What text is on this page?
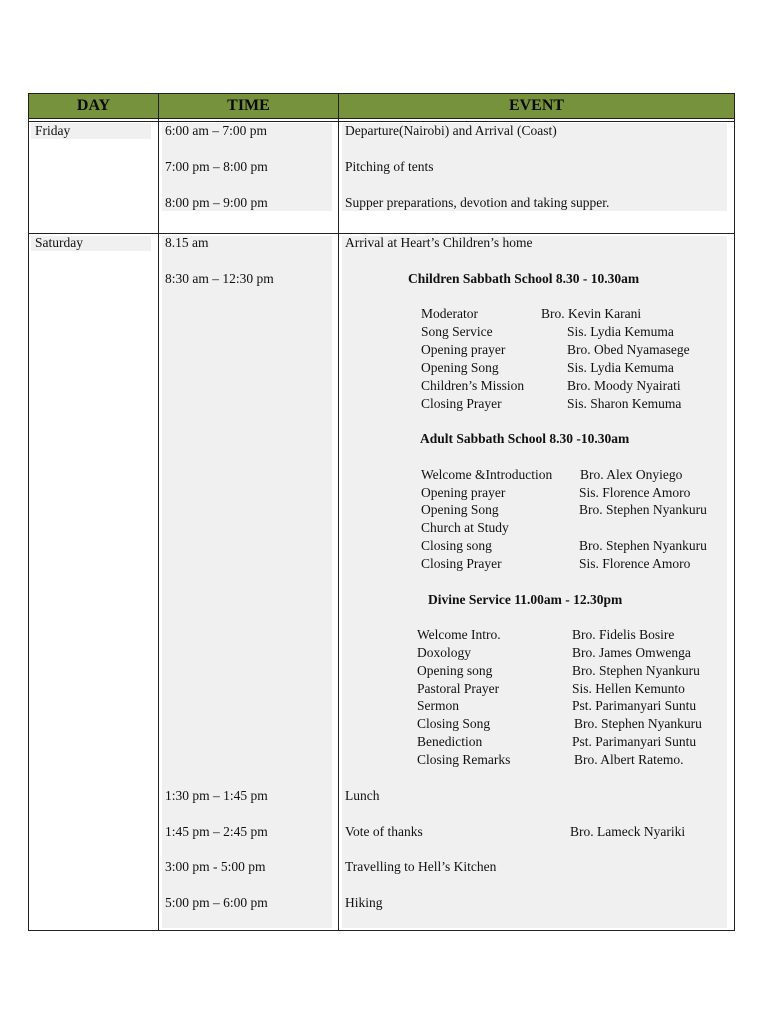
DAY	TIME	EVENT
Friday	6:00 am – 7:00 pm	Departure(Nairobi) and Arrival (Coast)
7:00 pm – 8:00 pm	Pitching of tents
8:00 pm – 9:00 pm	Supper preparations, devotion and taking supper.
Saturday	8.15 am	Arrival at Heart’s Children’s home
8:30 am – 12:30 pm	Children Sabbath School 8.30 - 10.30am
Moderator	Bro. Kevin Karani
Song Service	Sis. Lydia Kemuma
Opening prayer	Bro. Obed Nyamasege
Opening Song	Sis. Lydia Kemuma
Children’s Mission	Bro. Moody Nyairati
Closing Prayer	Sis. Sharon Kemuma
Adult Sabbath School 8.30 -10.30am
Welcome &Introduction Bro. Alex Onyiego
Opening prayer	Sis. Florence Amoro
Opening Song	Bro. Stephen Nyankuru
Church at Study
Closing song	Bro. Stephen Nyankuru
Closing Prayer	Sis. Florence Amoro
Divine Service 11.00am - 12.30pm
Welcome Intro.	Bro. Fidelis Bosire
Doxology	Bro. James Omwenga
Opening song	Bro. Stephen Nyankuru
Pastoral Prayer	Sis. Hellen Kemunto
Sermon	Pst. Parimanyari Suntu
Closing Song	Bro. Stephen Nyankuru
Benediction	Pst. Parimanyari Suntu
Closing Remarks	Bro. Albert Ratemo.
1:30 pm – 1:45 pm	Lunch
1:45 pm – 2:45 pm	Vote of thanks	Bro. Lameck Nyariki
3:00 pm - 5:00 pm	Travelling to Hell’s Kitchen
5:00 pm – 6:00 pm	Hiking
